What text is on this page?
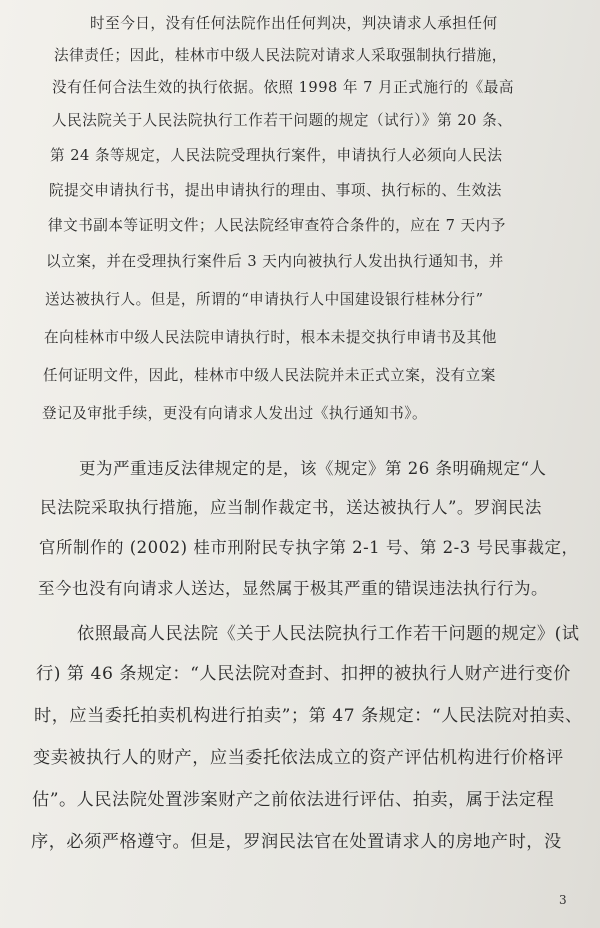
时至今日，没有任何法院作出任何判决，判决请求人承担任何
法律责任；因此，桂林市中级人民法院对请求人采取强制执行措施，
没有任何合法生效的执行依据。依照 1998 年 7 月正式施行的《最高
人民法院关于人民法院执行工作若干问题的规定（试行）》第 20 条、
第 24 条等规定，人民法院受理执行案件，申请执行人必须向人民法
院提交申请执行书，提出申请执行的理由、事项、执行标的、生效法
律文书副本等证明文件；人民法院经审查符合条件的，应在 7 天内予
以立案，并在受理执行案件后 3 天内向被执行人发出执行通知书，并
送达被执行人。但是，所谓的“申请执行人中国建设银行桂林分行”
在向桂林市中级人民法院申请执行时，根本未提交执行申请书及其他
任何证明文件，因此，桂林市中级人民法院并未正式立案，没有立案
登记及审批手续，更没有向请求人发出过《执行通知书》。
更为严重违反法律规定的是，该《规定》第 26 条明确规定“人
民法院采取执行措施，应当制作裁定书，送达被执行人”。罗润民法
官所制作的 (2002) 桂市刑附民专执字第 2-1 号、第 2-3 号民事裁定，
至今也没有向请求人送达，显然属于极其严重的错误违法执行行为。
依照最高人民法院《关于人民法院执行工作若干问题的规定》(试
行) 第 46 条规定：“人民法院对查封、扣押的被执行人财产进行变价
时，应当委托拍卖机构进行拍卖”；第 47 条规定：“人民法院对拍卖、
变卖被执行人的财产，应当委托依法成立的资产评估机构进行价格评
估”。人民法院处置涉案财产之前依法进行评估、拍卖，属于法定程
序，必须严格遵守。但是，罗润民法官在处置请求人的房地产时，没
3
